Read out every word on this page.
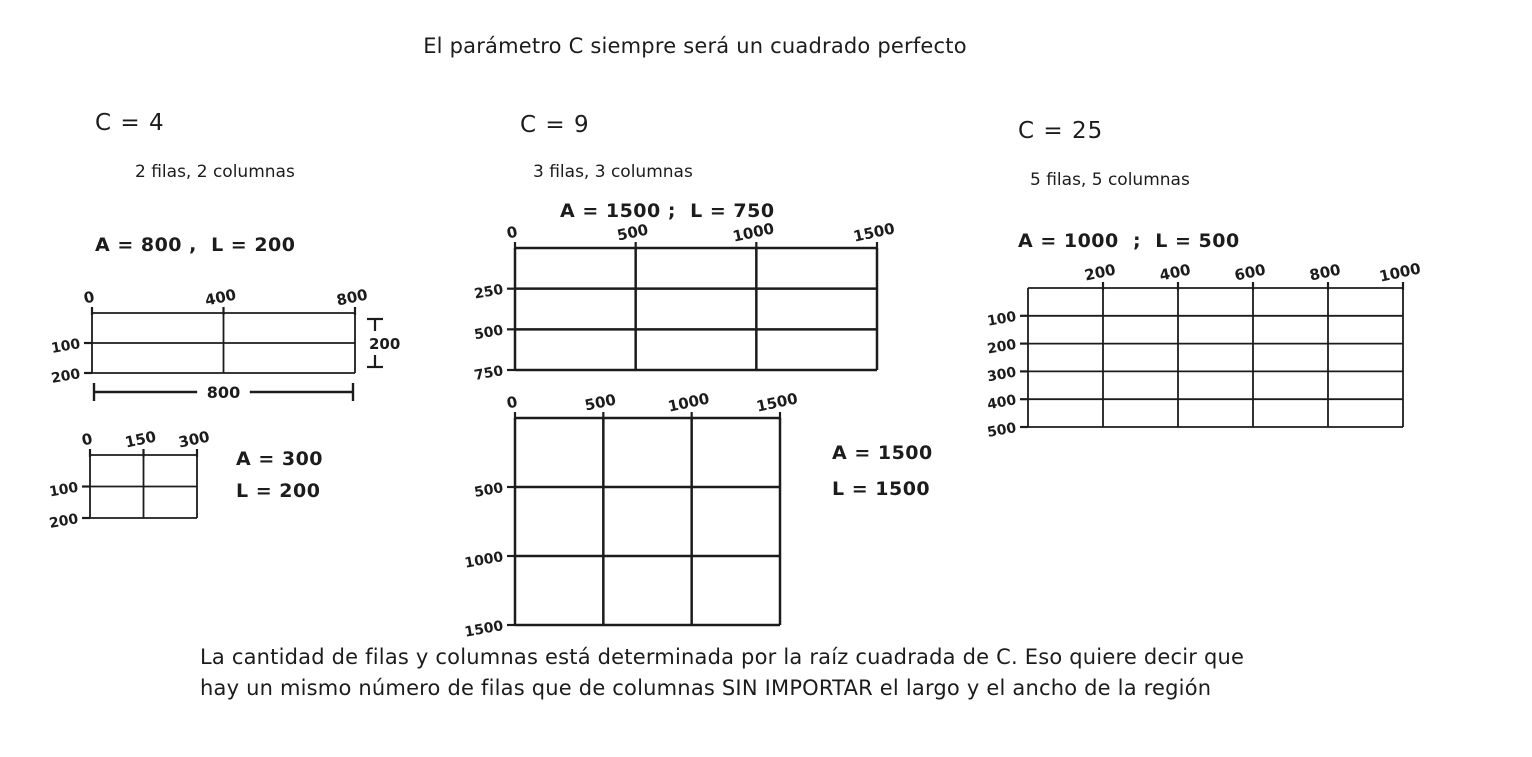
El parámetro C siempre será un cuadrado perfecto
C = 4
2 filas, 2 columnas
A = 800 ,  L = 200
0	400	800
100
200
200
800
0 150 300
100
200
A = 300
L = 200
C = 9
3 filas, 3 columnas
A = 1500 ;  L = 750
0	500	1000	1500
250
500
750
0	500	1000	1500
500
1000
1500
A = 1500
L = 1500
C = 25
5 filas, 5 columnas
A = 1000  ;  L = 500
200	400	600	800 1000
100
200
300
400
500
La cantidad de filas y columnas está determinada por la raíz cuadrada de C. Eso quiere decir que
hay un mismo número de filas que de columnas SIN IMPORTAR el largo y el ancho de la región
